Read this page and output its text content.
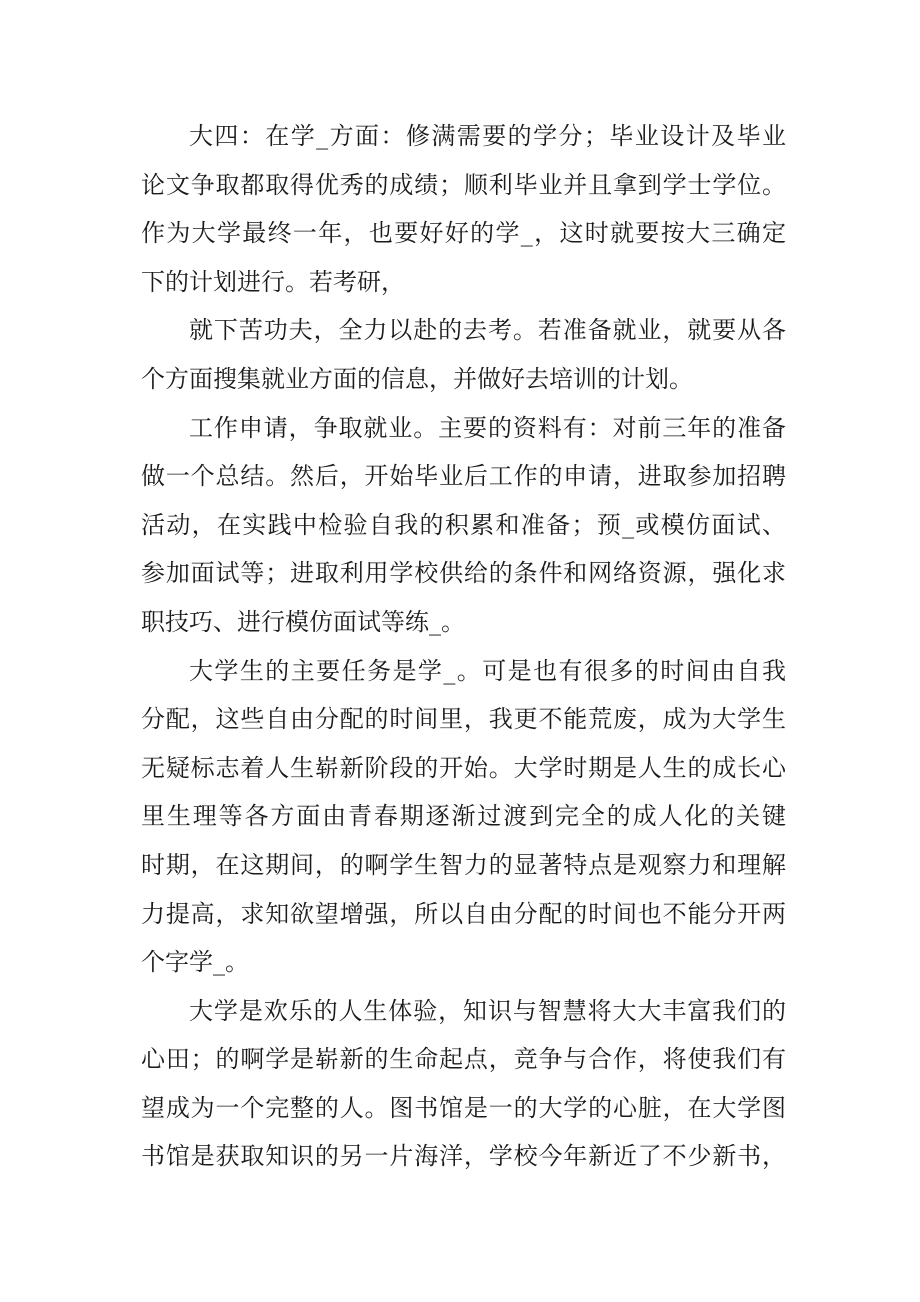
大四：在学_方面：修满需要的学分；毕业设计及毕业
论文争取都取得优秀的成绩；顺利毕业并且拿到学士学位。
作为大学最终一年，也要好好的学_，这时就要按大三确定
下的计划进行。若考研，
就下苦功夫，全力以赴的去考。若准备就业，就要从各
个方面搜集就业方面的信息，并做好去培训的计划。
工作申请，争取就业。主要的资料有：对前三年的准备
做一个总结。然后，开始毕业后工作的申请，进取参加招聘
活动，在实践中检验自我的积累和准备；预_或模仿面试、
参加面试等；进取利用学校供给的条件和网络资源，强化求
职技巧、进行模仿面试等练_。
大学生的主要任务是学_。可是也有很多的时间由自我
分配，这些自由分配的时间里，我更不能荒废，成为大学生
无疑标志着人生崭新阶段的开始。大学时期是人生的成长心
里生理等各方面由青春期逐渐过渡到完全的成人化的关键
时期，在这期间，的啊学生智力的显著特点是观察力和理解
力提高，求知欲望增强，所以自由分配的时间也不能分开两
个字学_。
大学是欢乐的人生体验，知识与智慧将大大丰富我们的
心田；的啊学是崭新的生命起点，竞争与合作，将使我们有
望成为一个完整的人。图书馆是一的大学的心脏，在大学图
书馆是获取知识的另一片海洋，学校今年新近了不少新书，
